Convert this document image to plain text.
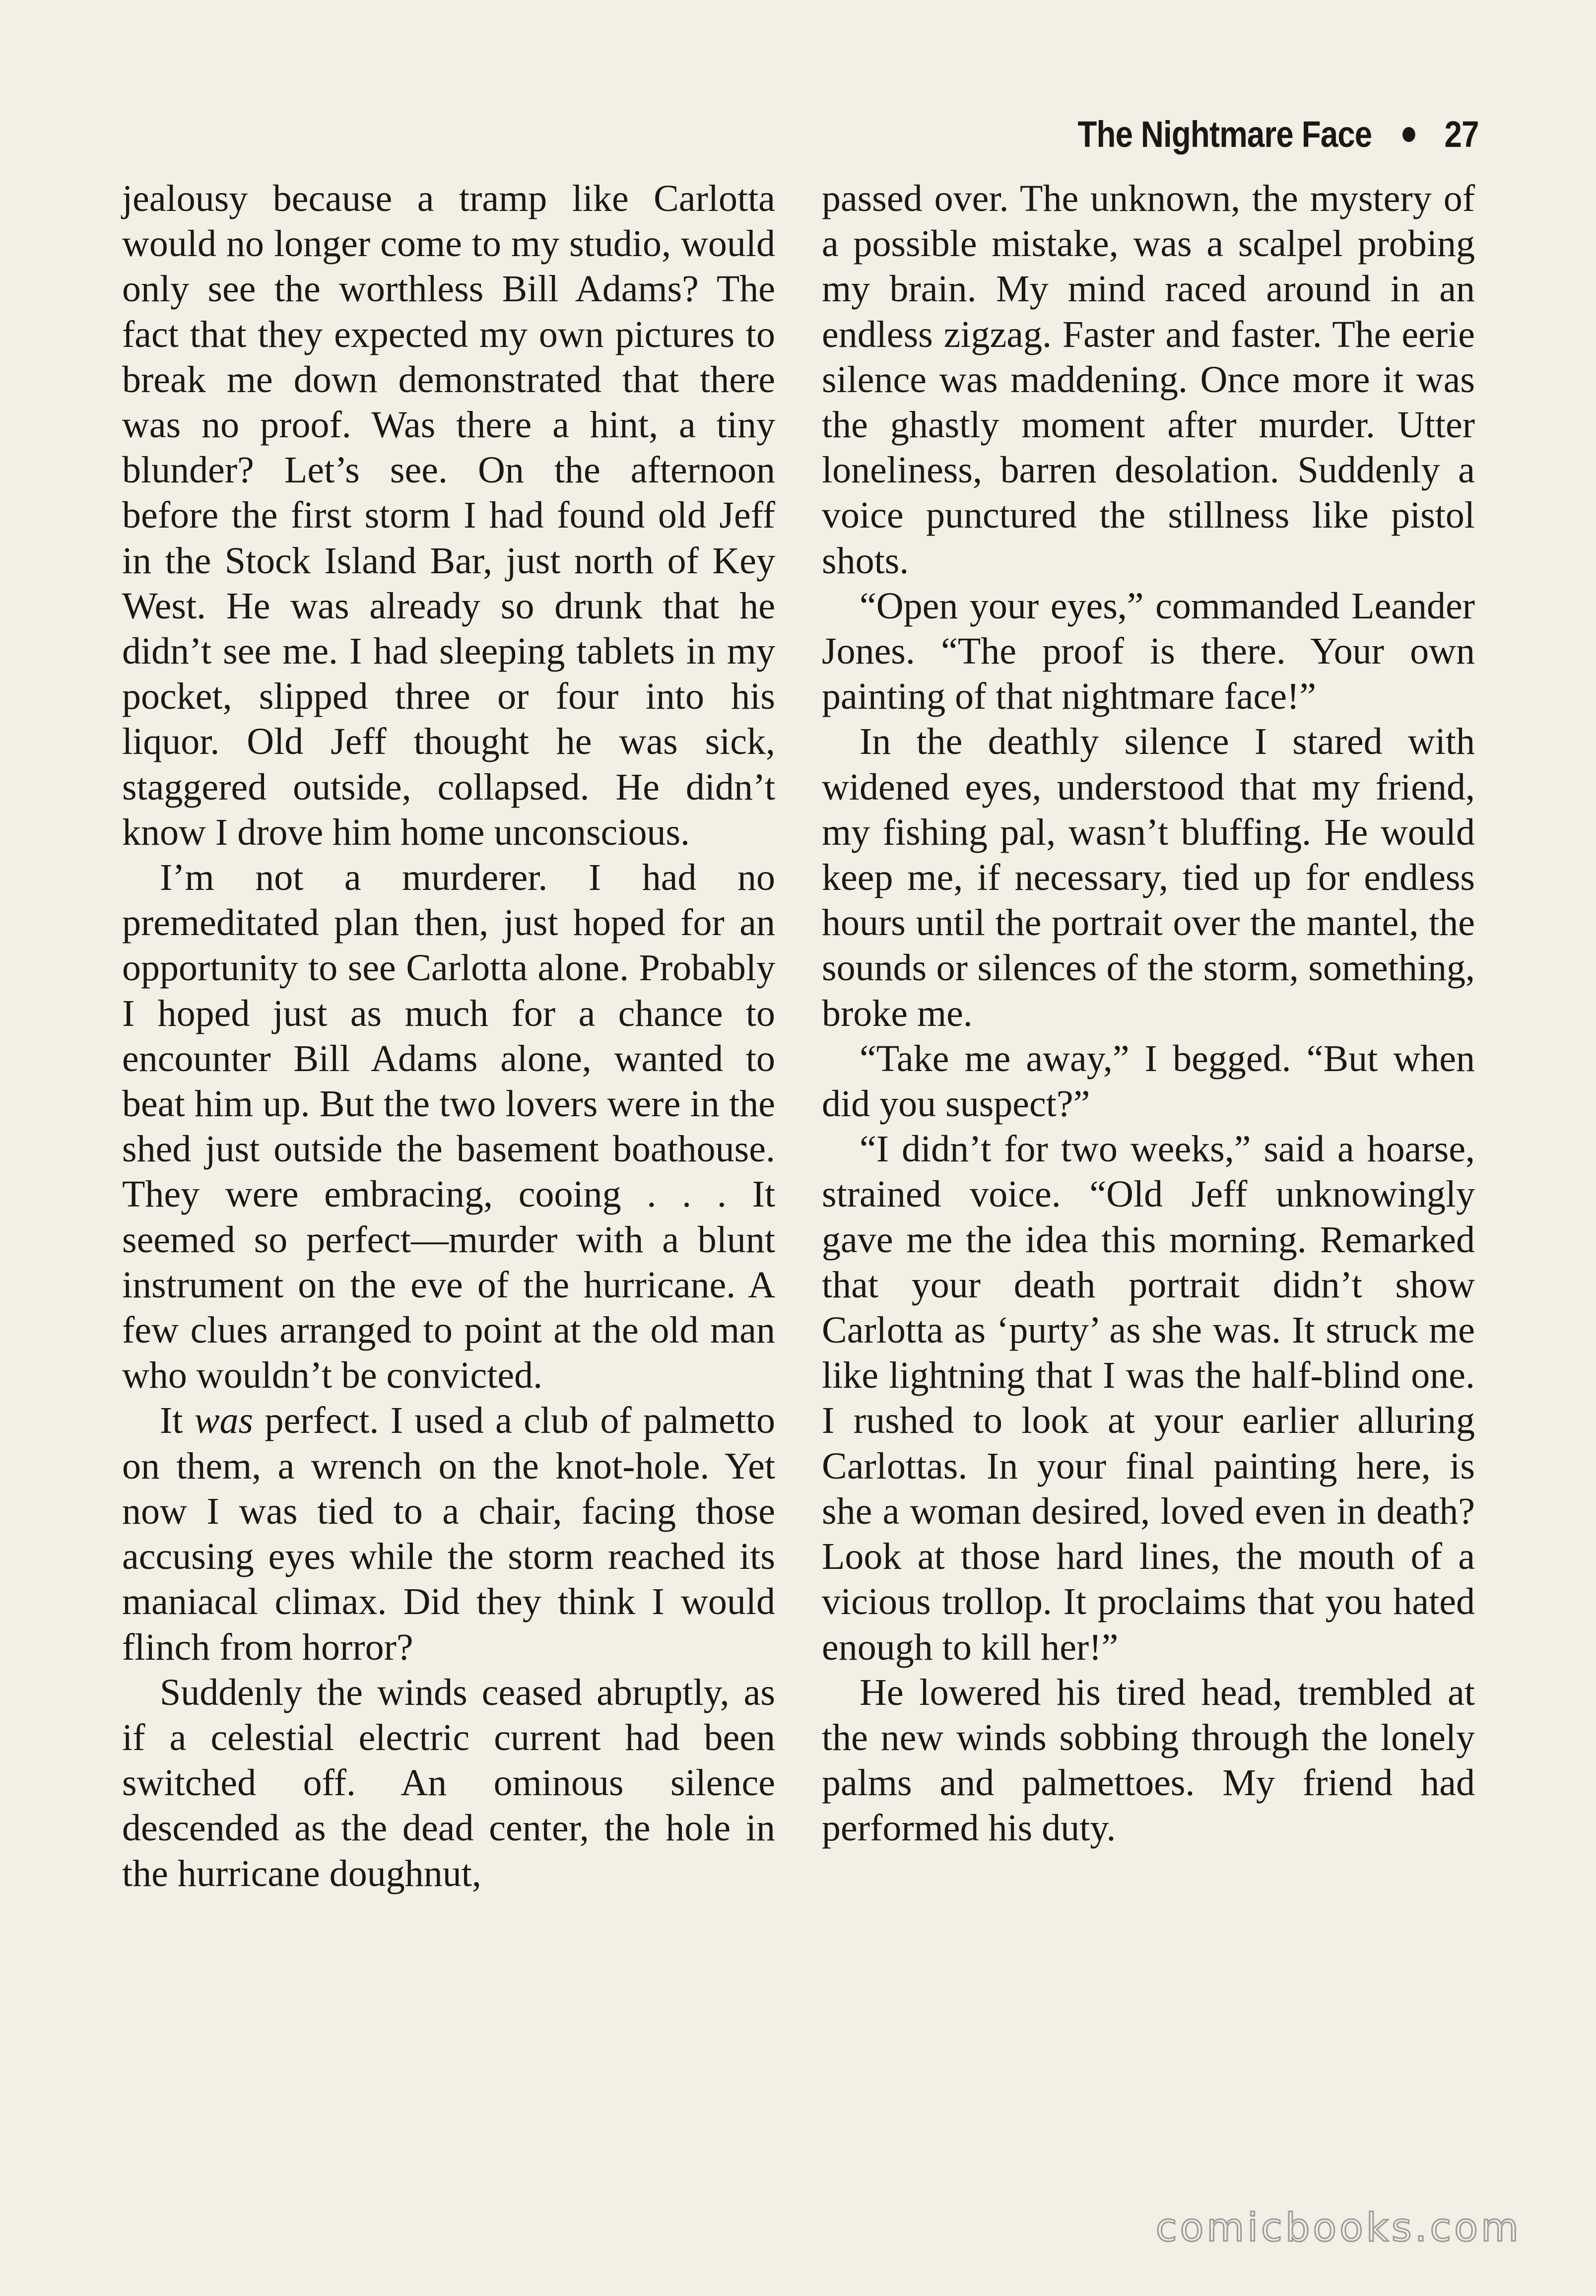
The Nightmare Face 27

jealousy because a tramp like Carlotta would no longer come to my studio, would only see the worthless Bill Adams? The fact that they expected my own pictures to break me down demonstrated that there was no proof. Was there a hint, a tiny blunder? Let’s see. On the afternoon before the first storm I had found old Jeff in the Stock Island Bar, just north of Key West. He was already so drunk that he didn’t see me. I had sleeping tablets in my pocket, slipped three or four into his liquor. Old Jeff thought he was sick, staggered outside, collapsed. He didn’t know I drove him home unconscious.

I’m not a murderer. I had no premeditated plan then, just hoped for an opportunity to see Carlotta alone. Probably I hoped just as much for a chance to encounter Bill Adams alone, wanted to beat him up. But the two lovers were in the shed just outside the basement boathouse. They were embracing, cooing . . . It seemed so perfect—murder with a blunt instrument on the eve of the hurricane. A few clues arranged to point at the old man who wouldn’t be convicted.

It was perfect. I used a club of palmetto on them, a wrench on the knot-hole. Yet now I was tied to a chair, facing those accusing eyes while the storm reached its maniacal climax. Did they think I would flinch from horror?

Suddenly the winds ceased abruptly, as if a celestial electric current had been switched off. An ominous silence descended as the dead center, the hole in the hurricane doughnut,

passed over. The unknown, the mystery of a possible mistake, was a scalpel probing my brain. My mind raced around in an endless zigzag. Faster and faster. The eerie silence was maddening. Once more it was the ghastly moment after murder. Utter loneliness, barren desolation. Suddenly a voice punctured the stillness like pistol shots.

“Open your eyes,” commanded Leander Jones. “The proof is there. Your own painting of that nightmare face!”

In the deathly silence I stared with widened eyes, understood that my friend, my fishing pal, wasn’t bluffing. He would keep me, if necessary, tied up for endless hours until the portrait over the mantel, the sounds or silences of the storm, something, broke me.

“Take me away,” I begged. “But when did you suspect?”

“I didn’t for two weeks,” said a hoarse, strained voice. “Old Jeff unknowingly gave me the idea this morning. Remarked that your death portrait didn’t show Carlotta as ‘purty’ as she was. It struck me like lightning that I was the half-blind one. I rushed to look at your earlier alluring Carlottas. In your final painting here, is she a woman desired, loved even in death? Look at those hard lines, the mouth of a vicious trollop. It proclaims that you hated enough to kill her!”

He lowered his tired head, trembled at the new winds sobbing through the lonely palms and palmettoes. My friend had performed his duty.

comicbooks.com
